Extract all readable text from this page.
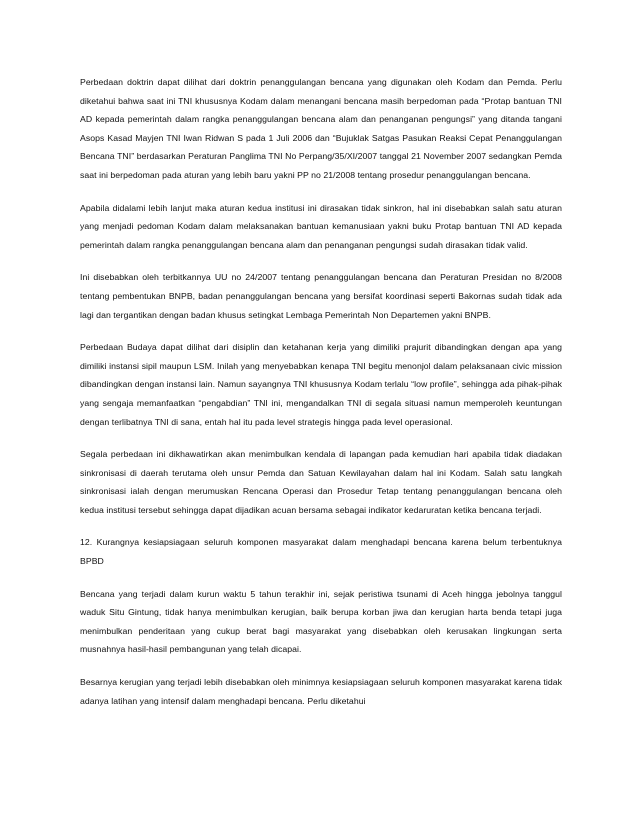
Perbedaan doktrin dapat dilihat dari doktrin penanggulangan bencana yang digunakan oleh Kodam dan Pemda. Perlu diketahui bahwa saat ini TNI khususnya Kodam dalam menangani bencana masih berpedoman pada “Protap bantuan TNI AD kepada pemerintah dalam rangka penanggulangan bencana alam dan penanganan pengungsi” yang ditanda tangani Asops Kasad Mayjen TNI Iwan Ridwan S pada 1 Juli 2006 dan “Bujuklak Satgas Pasukan Reaksi Cepat Penanggulangan Bencana TNI” berdasarkan Peraturan Panglima TNI No Perpang/35/XI/2007 tanggal 21 November 2007 sedangkan Pemda saat ini berpedoman pada aturan yang lebih baru yakni PP no 21/2008 tentang prosedur penanggulangan bencana.

Apabila didalami lebih lanjut maka aturan kedua institusi ini dirasakan tidak sinkron, hal ini disebabkan salah satu aturan yang menjadi pedoman Kodam dalam melaksanakan bantuan kemanusiaan yakni buku Protap bantuan TNI AD kepada pemerintah dalam rangka penanggulangan bencana alam dan penanganan pengungsi sudah dirasakan tidak valid.

Ini disebabkan oleh terbitkannya UU no 24/2007 tentang penanggulangan bencana dan Peraturan Presidan no 8/2008 tentang pembentukan BNPB, badan penanggulangan bencana yang bersifat koordinasi seperti Bakornas sudah tidak ada lagi dan tergantikan dengan badan khusus setingkat Lembaga Pemerintah Non Departemen yakni BNPB.

Perbedaan Budaya dapat dilihat dari disiplin dan ketahanan kerja yang dimiliki prajurit dibandingkan dengan apa yang dimiliki instansi sipil maupun LSM. Inilah yang menyebabkan kenapa TNI begitu menonjol dalam pelaksanaan civic mission dibandingkan dengan instansi lain. Namun sayangnya TNI khususnya Kodam terlalu “low profile”, sehingga ada pihak-pihak yang sengaja memanfaatkan “pengabdian” TNI ini, mengandalkan TNI di segala situasi namun memperoleh keuntungan dengan terlibatnya TNI di sana, entah hal itu pada level strategis hingga pada level operasional.

Segala perbedaan ini dikhawatirkan akan menimbulkan kendala di lapangan pada kemudian hari apabila tidak diadakan sinkronisasi di daerah terutama oleh unsur Pemda dan Satuan Kewilayahan dalam hal ini Kodam. Salah satu langkah sinkronisasi ialah dengan merumuskan Rencana Operasi dan Prosedur Tetap tentang penanggulangan bencana oleh kedua institusi tersebut sehingga dapat dijadikan acuan bersama sebagai indikator kedaruratan ketika bencana terjadi.

12. Kurangnya kesiapsiagaan seluruh komponen masyarakat dalam menghadapi bencana karena belum terbentuknya BPBD

Bencana yang terjadi dalam kurun waktu 5 tahun terakhir ini, sejak peristiwa tsunami di Aceh hingga jebolnya tanggul waduk Situ Gintung, tidak hanya menimbulkan kerugian, baik berupa korban jiwa dan kerugian harta benda tetapi juga menimbulkan penderitaan yang cukup berat bagi masyarakat yang disebabkan oleh kerusakan lingkungan serta musnahnya hasil-hasil pembangunan yang telah dicapai.

Besarnya kerugian yang terjadi lebih disebabkan oleh minimnya kesiapsiagaan seluruh komponen masyarakat karena tidak adanya latihan yang intensif dalam menghadapi bencana. Perlu diketahui
